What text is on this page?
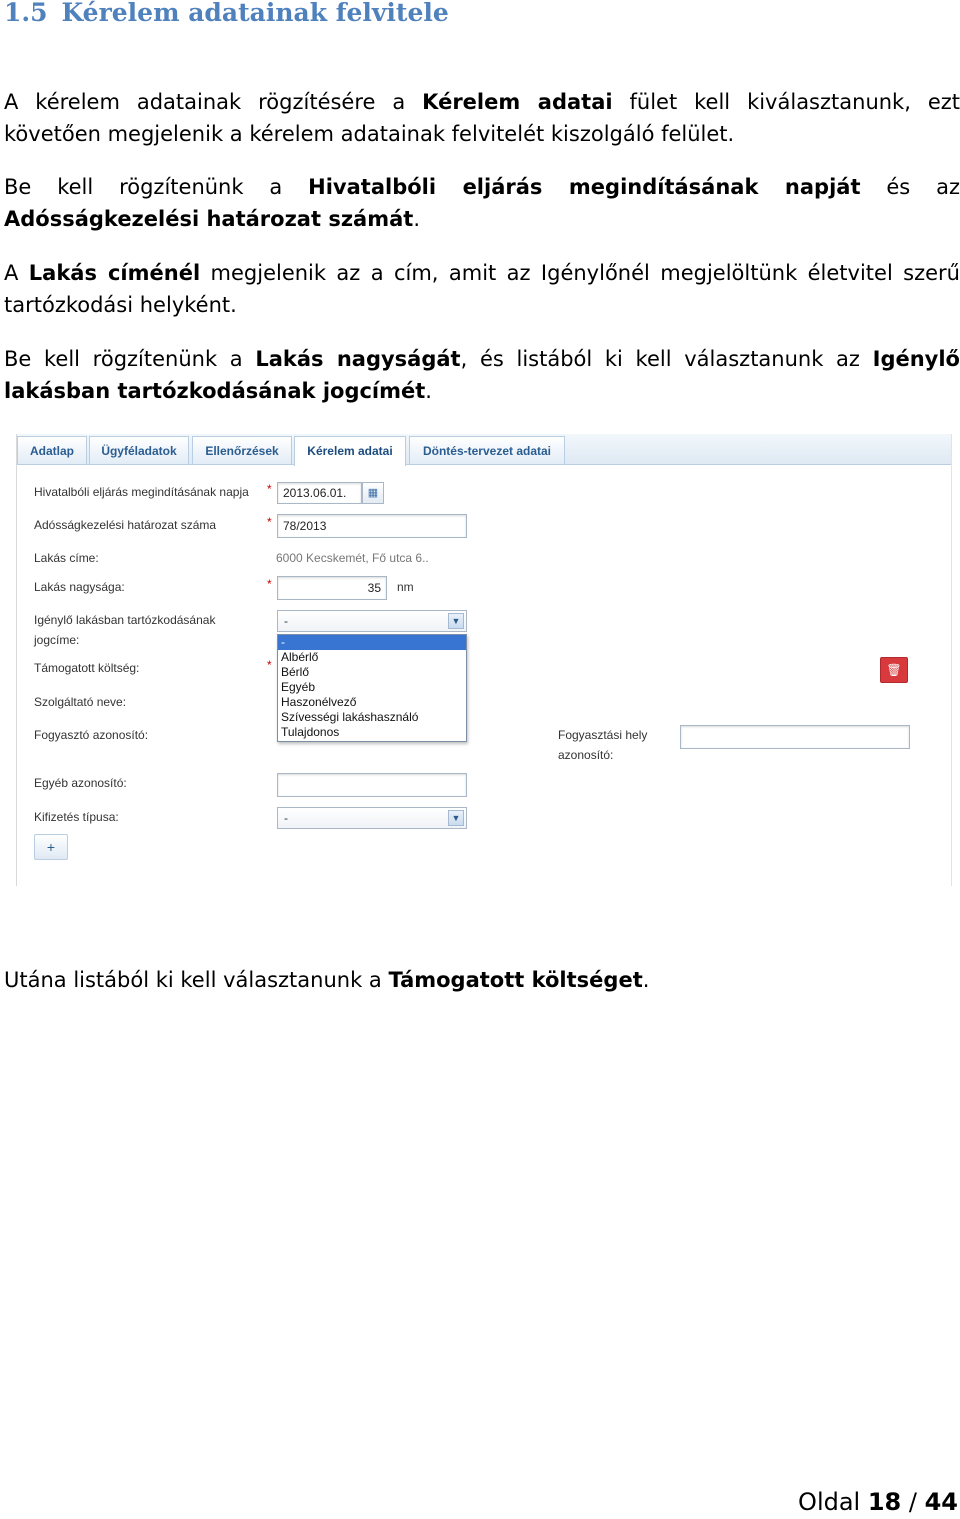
1.5 Kérelem adatainak felvitele

A kérelem adatainak rögzítésére a Kérelem adatai fület kell kiválasztanunk, ezt követően megjelenik a kérelem adatainak felvitelét kiszolgáló felület.

Be kell rögzítenünk a Hivatalbóli eljárás megindításának napját és az Adósságkezelési határozat számát.

A Lakás címénél megjelenik az a cím, amit az Igénylőnél megjelöltünk életvitel szerű tartózkodási helyként.

Be kell rögzítenünk a Lakás nagyságát, és listából ki kell választanunk az Igénylő lakásban tartózkodásának jogcímét.

Adatlap	Ügyféladatok	Ellenőrzések	Kérelem adatai	Döntés-tervezet adatai
Hivatalbóli eljárás megindításának napja * 2013.06.01.	▦
Adósságkezelési határozat száma	* 78/2013
Lakás címe:	6000 Kecskemét, Fő utca 6..
Lakás nagysága:	*	35	nm
Igénylő lakásban tartózkodásának
jogcíme:
-	▼
-
Albérlő
Bérlő
Egyéb
Haszonélvező
Szívességi lakáshasználó
Tulajdonos
Támogatott költség:	*	🗑
Szolgáltató neve:
Fogyasztó azonosító:	Fogyasztási hely
azonosító:
Egyéb azonosító:
Kifizetés típusa:	-	▼
+

Utána listából ki kell választanunk a Támogatott költséget.

Oldal 18 / 44
